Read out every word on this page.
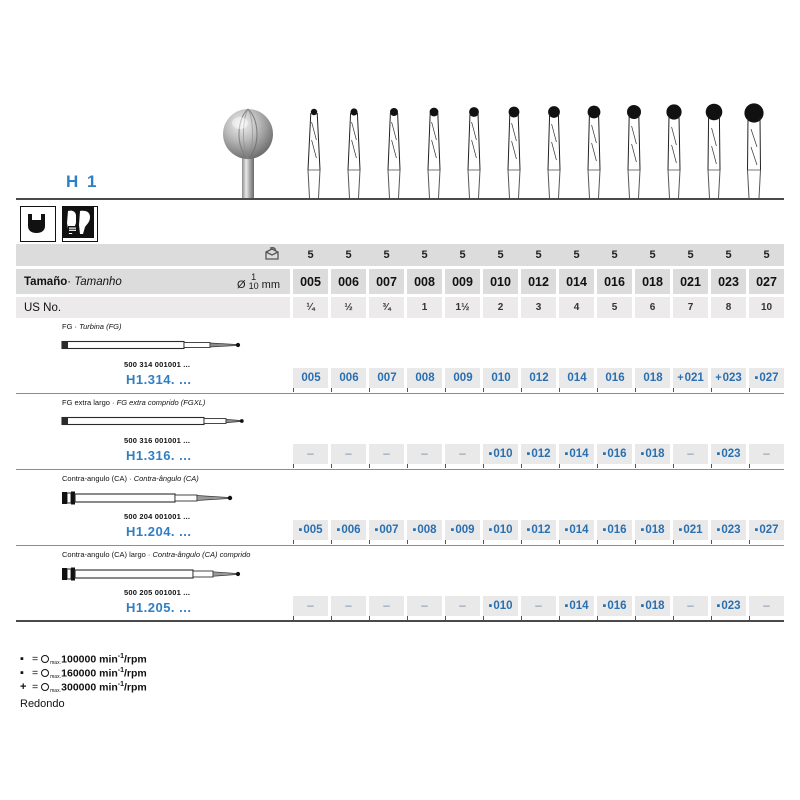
H 1
5	5	5	5	5	5	5	5	5	5	5	5	5
Tamaño· Tamanho	Ø
1
10 mm	005	006	007	008	009	010	012	014	016	018	021	023	027
US No.	¼	½	¾	1	1½	2	3	4	5	6	7	8	10
FG · Turbina (FG)
500 314 001001 ...
H1.314. ...	005 006 007 008 009 010 012 014 016 018 + 021 + 023 ▪ 027
FG extra largo · FG extra comprido (FGXL)
500 316 001001 ...
H1.316. ...	–	–	–	–	– ▪ 010 ▪ 012 ▪ 014 ▪ 016 ▪ 018 – ▪ 023 –
Contra-angulo (CA) · Contra-ângulo (CA)
500 204 001001 ...
H1.204. ... ▪	005 ▪ 006 ▪ 007 ▪ 008 ▪ 009 ▪ 010 ▪ 012 ▪ 014 ▪ 016 ▪ 018 ▪ 021 ▪ 023 ▪ 027
Contra-angulo (CA) largo · Contra-ângulo (CA) comprido
500 205 001001 ...
H1.205. ...	–	–	–	–	– ▪ 010 – ▪ 014 ▪ 016 ▪ 018 – ▪ 023 –
▪ = max. 100000 $\min^{-1}$/rpm
▪ = max. 160000 $\min^{-1}$/rpm
+ = max. 300000 $\min^{-1}$/rpm
Redondo
